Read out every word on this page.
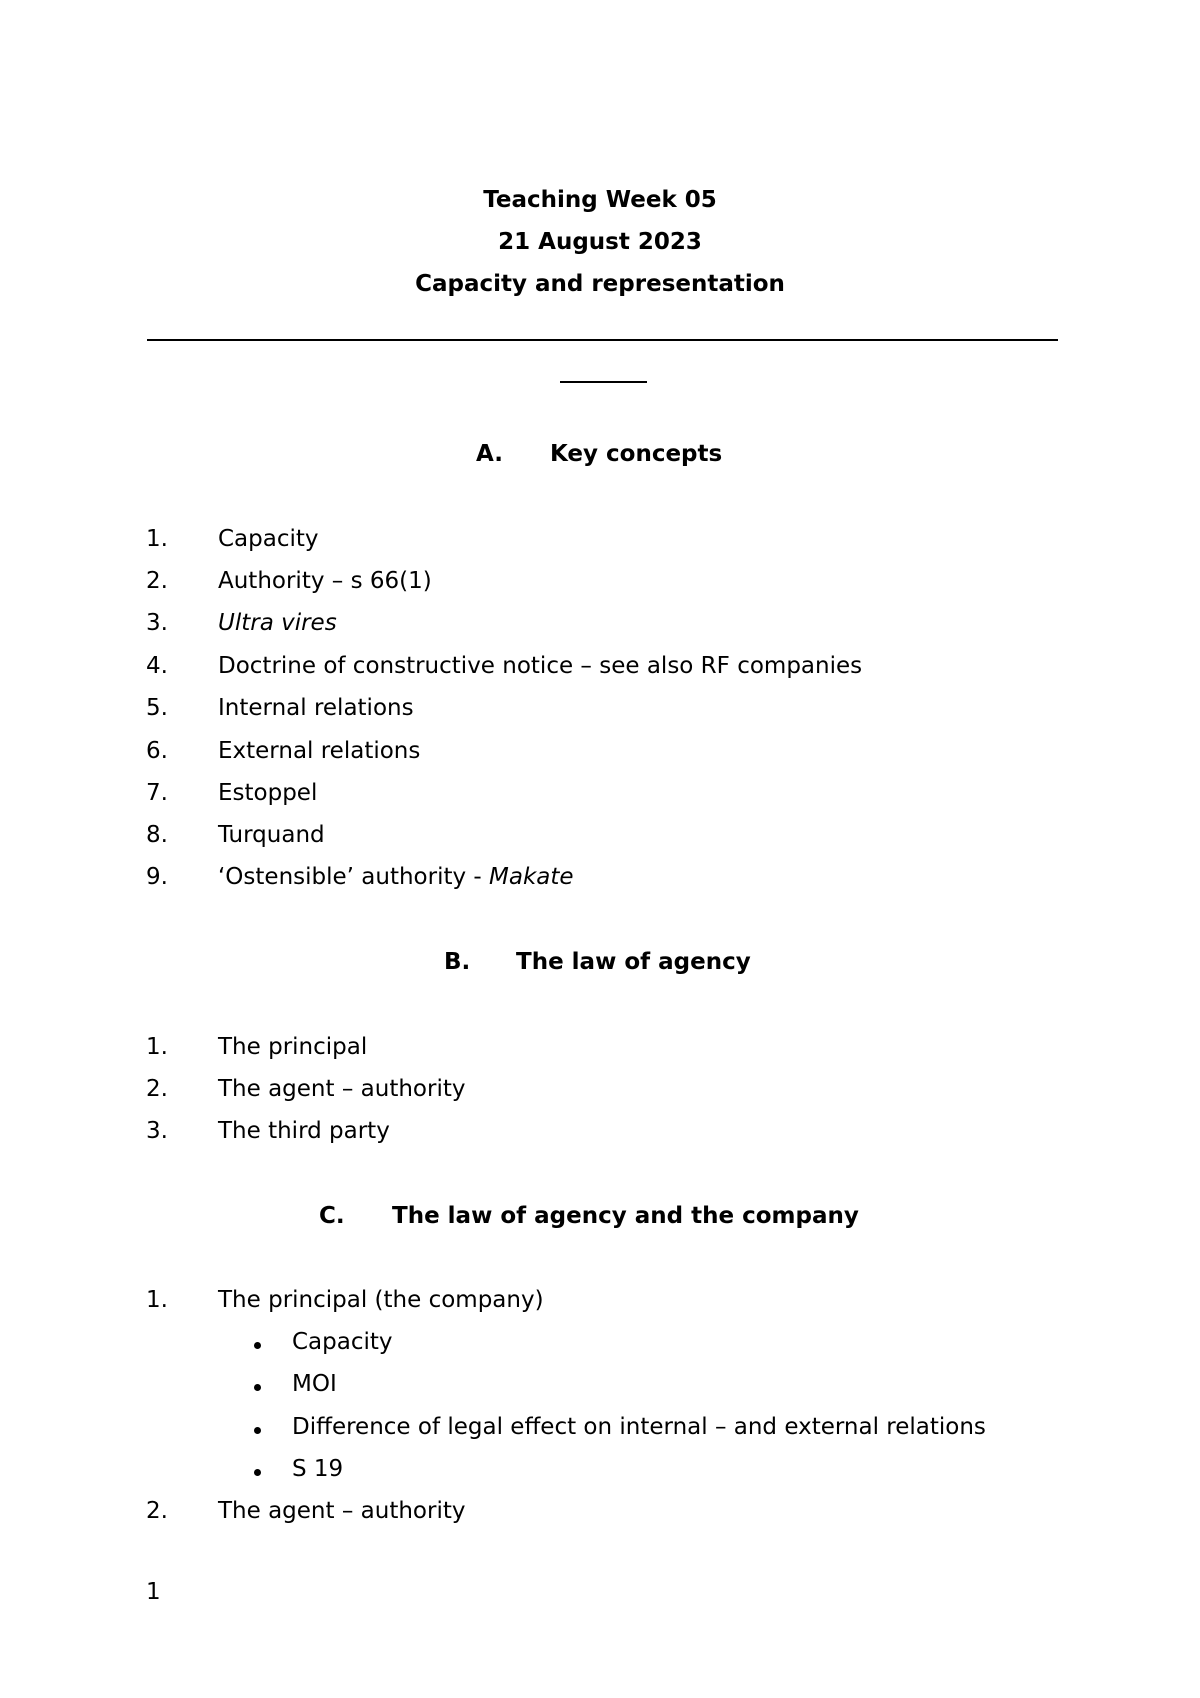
Teaching Week 05
21 August 2023
Capacity and representation
A. Key concepts
1. Capacity
2. Authority – s 66(1)
3. Ultra vires
4. Doctrine of constructive notice – see also RF companies
5. Internal relations
6. External relations
7. Estoppel
8. Turquand
9. ‘Ostensible’ authority - Makate
B. The law of agency
1. The principal
2. The agent – authority
3. The third party
C. The law of agency and the company
1. The principal (the company)
Capacity
MOI
Difference of legal effect on internal – and external relations
S 19
2. The agent – authority
1
